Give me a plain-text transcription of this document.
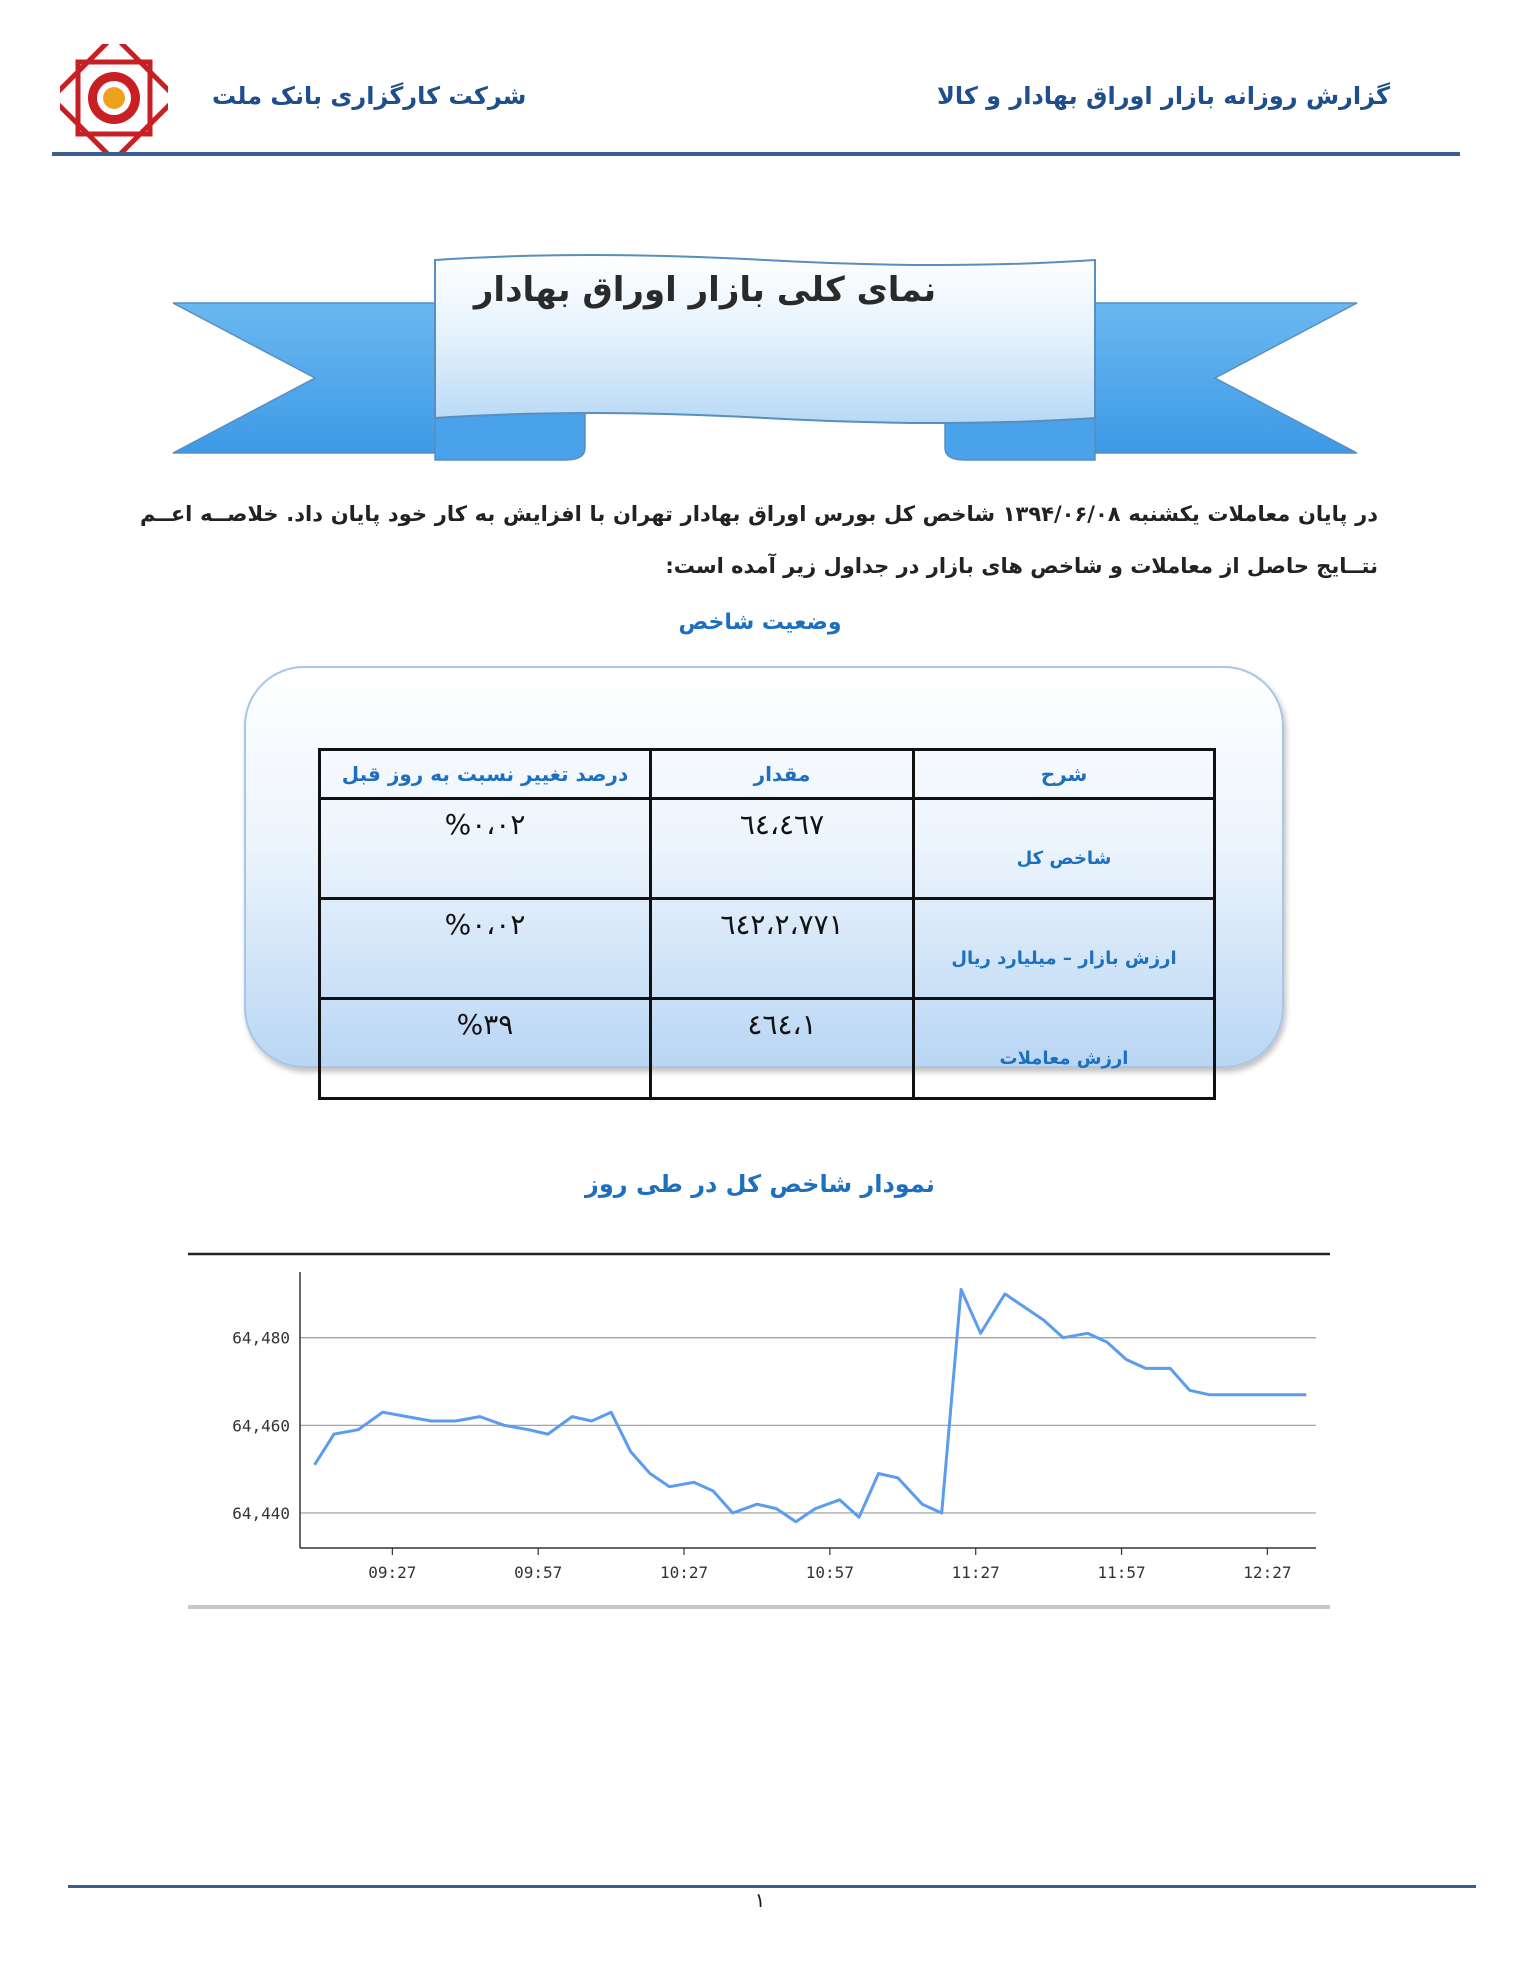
گزارش روزانه بازار اوراق بهادار و کالا
شرکت کارگزاری بانک ملت
نمای کلی بازار اوراق بهادار
در پایان معاملات یکشنبه ۱۳۹۴/۰۶/۰۸ شاخص کل بورس اوراق بهادار تهران با افزایش به کار خود پایان داد. خلاصــه اعــم نتــایج حاصل از معاملات و شاخص های بازار در جداول زیر آمده است:
وضعیت شاخص
شرح	مقدار	درصد تغییر نسبت به روز قبل
شاخص کل	٦٤،٤٦٧	%۰،۰۲
ارزش بازار – میلیارد ریال	۲،۷۷۱،٦٤۲	%۰،۰۲
ارزش معاملات	۱،٤٦٤	%۳۹
نمودار شاخص کل در طی روز
64,440
64,460
64,480
09:27	09:57	10:27	10:57	11:27	11:57	12:27
۱
